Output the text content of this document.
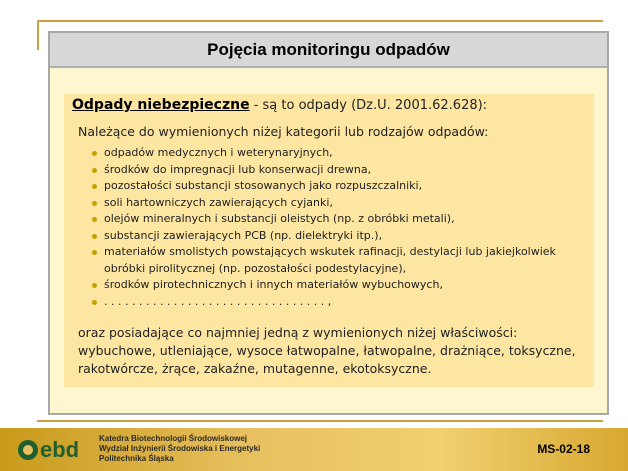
Pojęcia monitoringu odpadów
Odpady niebezpieczne - są to odpady (Dz.U. 2001.62.628):
Należące do wymienionych niżej kategorii lub rodzajów odpadów:
odpadów medycznych i weterynaryjnych,
środków do impregnacji lub konserwacji drewna,
pozostałości substancji stosowanych jako rozpuszczalniki,
soli hartowniczych zawierających cyjanki,
olejów mineralnych i substancji oleistych (np. z obróbki metali),
substancji zawierających PCB (np. dielektryki itp.),
materiałów smolistych powstających wskutek rafinacji, destylacji lub jakiejkolwiek obróbki pirolitycznej (np. pozostałości podestylacyjne),
środków pirotechnicznych i innych materiałów wybuchowych,
. . . . . . . . . . . . . . . . . . . . . . . . . . . . . . . . ,
oraz posiadające co najmniej jedną z wymienionych niżej właściwości: wybuchowe, utleniające, wysoce łatwopalne, łatwopalne, drażniące, toksyczne, rakotwórcze, żrące, zakaźne, mutagenne, ekotoksyczne.
ebd Katedra Biotechnologii Środowiskowej
Wydział Inżynierii Środowiska i Energetyki
Politechnika Śląska
MS-02-18
